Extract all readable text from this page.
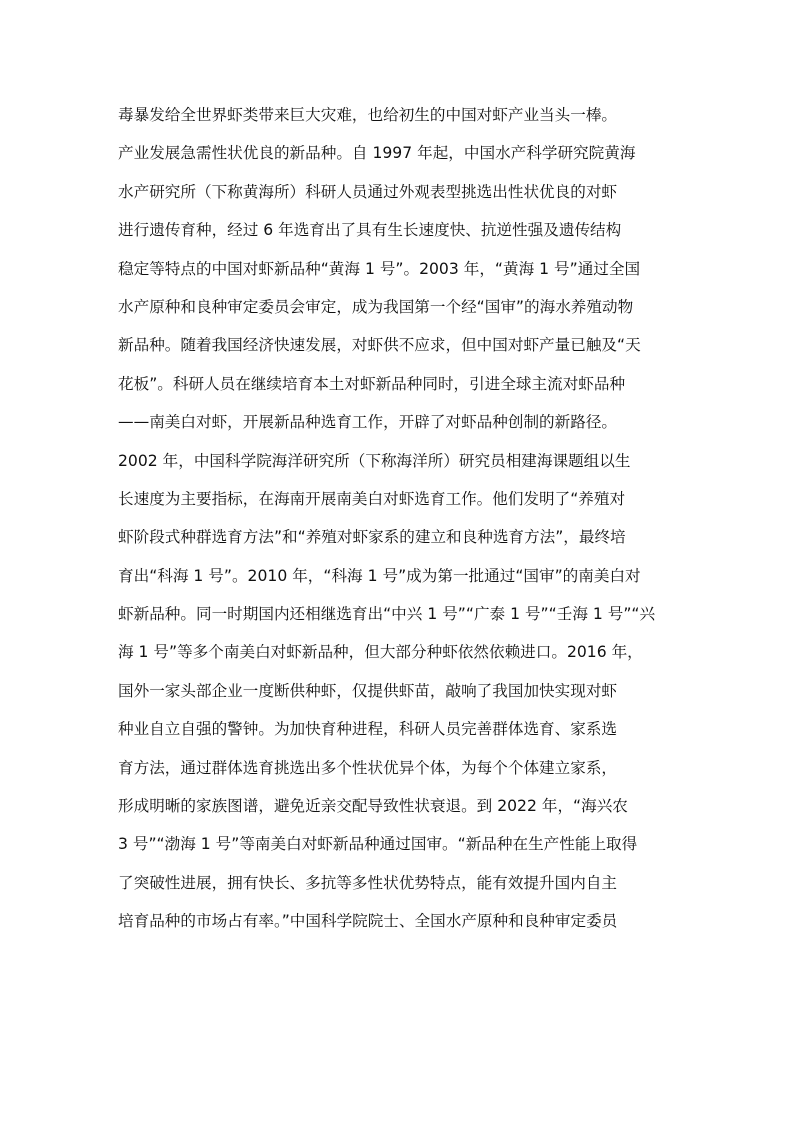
毒暴发给全世界虾类带来巨大灾难，也给初生的中国对虾产业当头一棒。
产业发展急需性状优良的新品种。自 1997 年起，中国水产科学研究院黄海
水产研究所（下称黄海所）科研人员通过外观表型挑选出性状优良的对虾
进行遗传育种，经过 6 年选育出了具有生长速度快、抗逆性强及遗传结构
稳定等特点的中国对虾新品种“黄海 1 号”。2003 年，“黄海 1 号”通过全国
水产原种和良种审定委员会审定，成为我国第一个经“国审”的海水养殖动物
新品种。随着我国经济快速发展，对虾供不应求，但中国对虾产量已触及“天
花板”。科研人员在继续培育本土对虾新品种同时，引进全球主流对虾品种
——南美白对虾，开展新品种选育工作，开辟了对虾品种创制的新路径。
2002 年，中国科学院海洋研究所（下称海洋所）研究员相建海课题组以生
长速度为主要指标，在海南开展南美白对虾选育工作。他们发明了“养殖对
虾阶段式种群选育方法”和“养殖对虾家系的建立和良种选育方法”，最终培
育出“科海 1 号”。2010 年，“科海 1 号”成为第一批通过“国审”的南美白对
虾新品种。同一时期国内还相继选育出“中兴 1 号”“广泰 1 号”“壬海 1 号”“兴
海 1 号”等多个南美白对虾新品种，但大部分种虾依然依赖进口。2016 年，
国外一家头部企业一度断供种虾，仅提供虾苗，敲响了我国加快实现对虾
种业自立自强的警钟。为加快育种进程，科研人员完善群体选育、家系选
育方法，通过群体选育挑选出多个性状优异个体，为每个个体建立家系，
形成明晰的家族图谱，避免近亲交配导致性状衰退。到 2022 年，“海兴农
3 号”“渤海 1 号”等南美白对虾新品种通过国审。“新品种在生产性能上取得
了突破性进展，拥有快长、多抗等多性状优势特点，能有效提升国内自主
培育品种的市场占有率。”中国科学院院士、全国水产原种和良种审定委员
